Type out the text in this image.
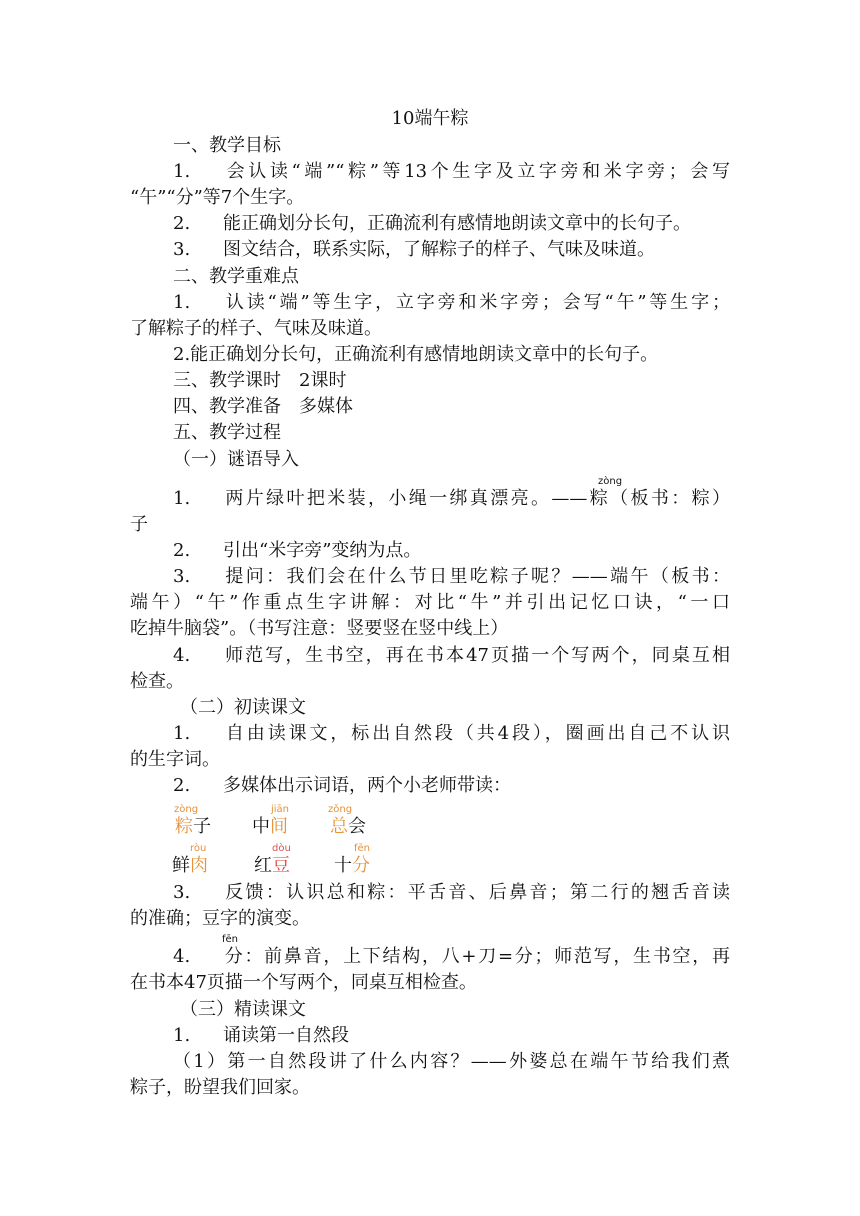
10端午粽
一、教学目标
1. 会认读“端”“粽”等13个生字及立字旁和米字旁；会写
“午”“分”等7个生字。
2. 能正确划分长句，正确流利有感情地朗读文章中的长句子。
3. 图文结合，联系实际，了解粽子的样子、气味及味道。
二、教学重难点
1. 认读“端”等生字，立字旁和米字旁；会写“午”等生字；
了解粽子的样子、气味及味道。
2.能正确划分长句，正确流利有感情地朗读文章中的长句子。
三、教学课时　2课时
四、教学准备　多媒体
五、教学过程
（一）谜语导入
zòng
1. 两片绿叶把米装，小绳一绑真漂亮。——粽（板书：粽）
子
2. 引出“米字旁”变纳为点。
3. 提问：我们会在什么节日里吃粽子呢？——端午（板书：
端午）“午”作重点生字讲解：对比“牛”并引出记忆口诀，“一口
吃掉牛脑袋”。（书写注意：竖要竖在竖中线上）
4. 师范写，生书空，再在书本47页描一个写两个，同桌互相
检查。
（二）初读课文
1. 自由读课文，标出自然段（共4段），圈画出自己不认识
的生字词。
2. 多媒体出示词语，两个小老师带读：
zòng
粽子
jiān
中间
zǒng
总会
ròu
鲜肉
dòu
红豆
fēn
十分
3. 反馈：认识总和粽：平舌音、后鼻音；第二行的翘舌音读
的准确；豆字的演变。
fēn
4. 分：前鼻音，上下结构，八+刀=分；师范写，生书空，再
在书本47页描一个写两个，同桌互相检查。
（三）精读课文
1. 诵读第一自然段
（1）第一自然段讲了什么内容？——外婆总在端午节给我们煮
粽子，盼望我们回家。
